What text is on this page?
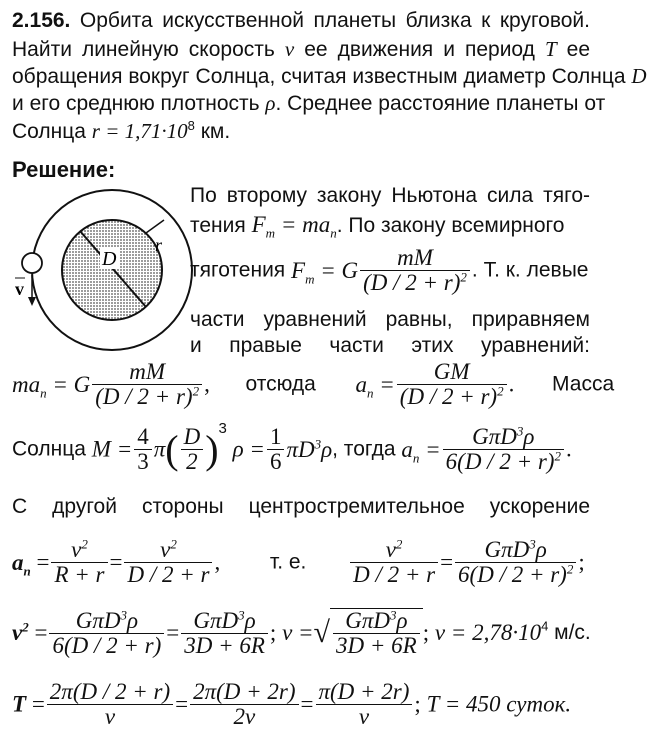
2.156. Орбита искусственной планеты близка к круговой.
Найти линейную скорость v ее движения и период T ее
обращения вокруг Солнца, считая известным диаметр Солнца D
и его среднюю плотность ρ. Среднее расстояние планеты от
Солнца $r = 1,71\cdot 10^8$ км.
Решение:
D
r
v
По второму закону Ньютона сила тяго-
тения $F_т = ma_n$. По закону всемирного
тяготения $F_т = G \frac{mM}{(D / 2 + r)^2}$ . Т. к. левые
части уравнений равны, приравняем
и правые части этих уравнений:
$ma_n = G \frac{mM}{(D / 2 + r)^2}$ , отсюда $a_n = \frac{GM}{(D / 2 + r)^2}$ . Масса
Солнца $M = \frac{4}{3} \pi( \frac{D}{2} )^3$ $\rho = \frac{1}{6} \pi D^3\rho$, тогда $a_n$ =	GπD$^3$ρ
$6(D / 2 + r)^2$ .
С другой стороны центростремительное ускорение
$a_n = \frac{v^2}{R + r} = \frac{v^2}{D / 2 + r}$ , т. е. $\frac{v^2}{D / 2 + r}$ =	GπD$^3$ρ
$6(D / 2 + r)^2$ ;
$v^2$ =	GπD$^3$ρ
6(D / 2 + r) = GπD$^3$ρ
3D + 6R ; v =√ GπD$^3$ρ
3D + 6R
; $v = 2,78\cdot 10^4$ м/с.
$T = \frac{2\pi(D / 2 + r)}{v} = \frac{2\pi(D + 2r)}{2v} = \frac{\pi(D + 2r)}{v}$ ; T = 450 суток.
